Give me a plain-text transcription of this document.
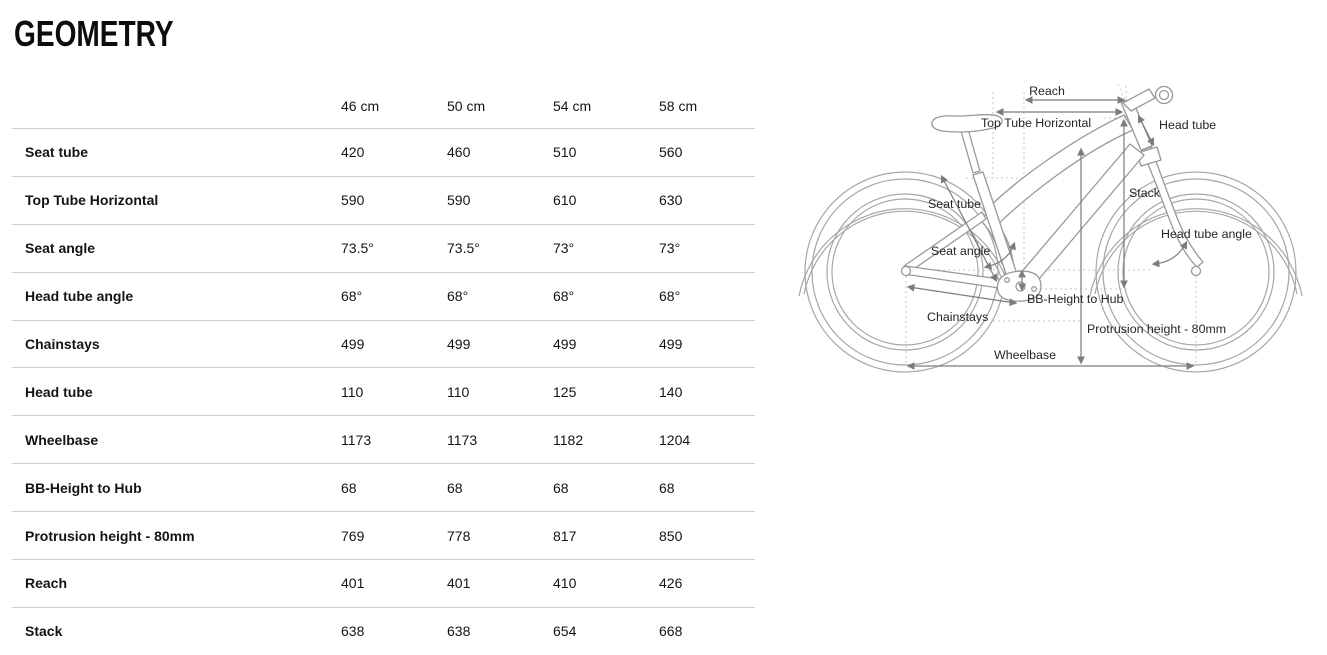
GEOMETRY
46 cm	50 cm	54 cm	58 cm
Seat tube	420	460	510	560
Top Tube Horizontal	590	590	610	630
Seat angle	73.5°	73.5°	73°	73°
Head tube angle	68°	68°	68°	68°
Chainstays	499	499	499	499
Head tube	110	110	125	140
Wheelbase	1173	1173	1182	1204
BB-Height to Hub	68	68	68	68
Protrusion height - 80mm	769	778	817	850
Reach	401	401	410	426
Stack	638	638	654	668
Reach
Top Tube Horizontal	Head tube
Seat tube
Stack
Head tube angle
Seat angle
BB-Height to Hub
Chainstays
Protrusion height - 80mm
Wheelbase
